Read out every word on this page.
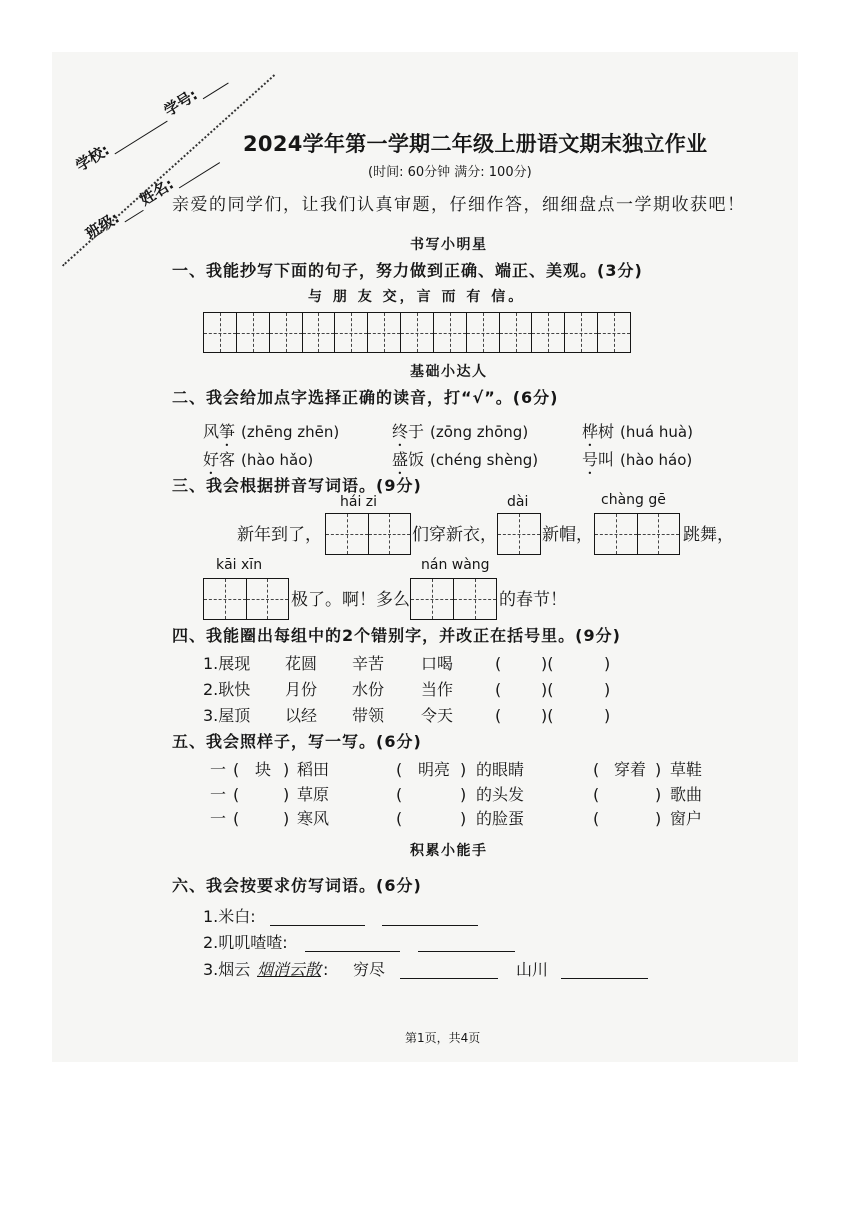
学校:学号:
班级:姓名:
2024学年第一学期二年级上册语文期末独立作业
(时间: 60分钟 满分: 100分)
亲爱的同学们，让我们认真审题，仔细作答，细细盘点一学期收获吧！
书写小明星
一、我能抄写下面的句子，努力做到正确、端正、美观。(3分)
与 朋 友 交，言 而 有 信。
基础小达人
二、我会给加点字选择正确的读音，打“√”。(6分)
风筝 (zhēng zhēn)	终于 (zōng zhōng)	桦树 (huá huà)
好客 (hào hǎo)	盛饭 (chéng shèng)	号叫 (hào háo)
三、我会根据拼音写词语。(9分)
hái zi	dài	chàng gē
新年到了，	们穿新衣，	新帽，	跳舞，
kāi xīn	nán wàng
极了。啊！多么	的春节！
四、我能圈出每组中的2个错别字，并改正在括号里。(9分)
1.展现 花圆 辛苦 口喝	( )(	)
2.耿快 月份 水份 当作	( )(	)
3.屋顶 以经 带领 令天	( )(	)
五、我会照样子，写一写。(6分)
一 ( 块 ) 稻田	( 明亮 ) 的眼睛	( 穿着 ) 草鞋
一 (	) 草原	(	) 的头发	(	) 歌曲
一 (	) 寒风	(	) 的脸蛋	(	) 窗户
积累小能手
六、我会按要求仿写词语。(6分)
1.米白:
2.叽叽喳喳:
3.烟云 烟消云散 : 穷尽	山川
第1页，共4页
